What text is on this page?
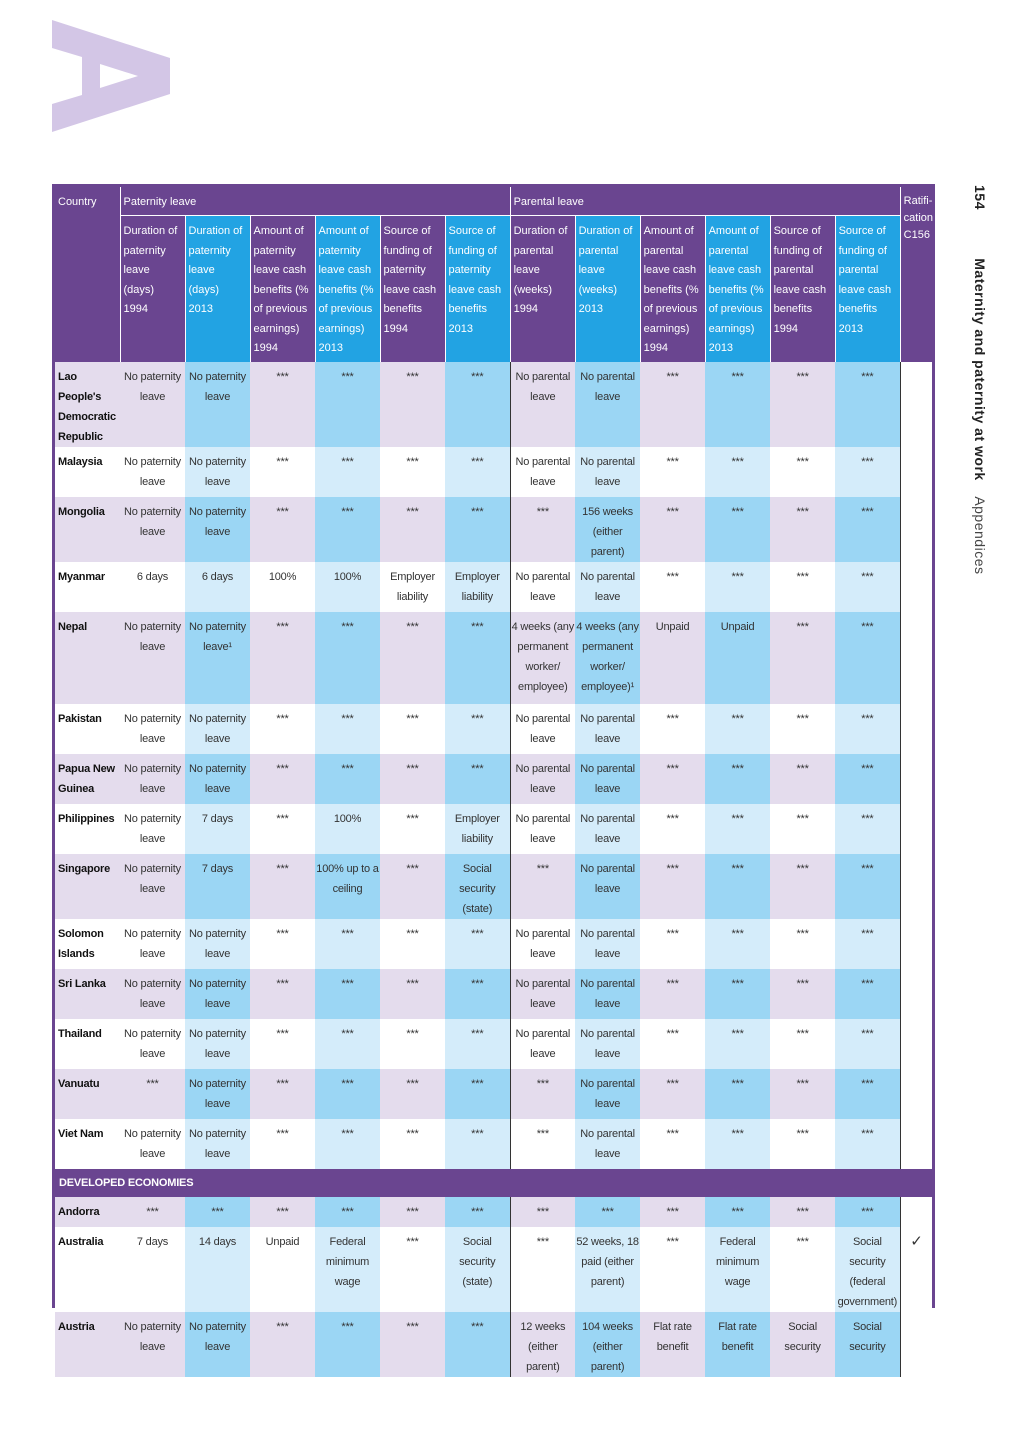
154 Maternity and paternity at work Appendices
Country	Paternity leave						Parental leave						Ratifi-cation C156
	Duration of paternity leave (days) 1994	Duration of paternity leave (days) 2013	Amount of paternity leave cash benefits (% of previous earnings) 1994	Amount of paternity leave cash benefits (% of previous earnings) 2013	Source of funding of paternity leave cash benefits 1994	Source of funding of paternity leave cash benefits 2013	Duration of parental leave (weeks) 1994	Duration of parental leave (weeks) 2013	Amount of parental leave cash benefits (% of previous earnings) 1994	Amount of parental leave cash benefits (% of previous earnings) 2013	Source of funding of parental leave cash benefits 1994	Source of funding of parental leave cash benefits 2013	
Lao People's Democratic Republic	No paternity leave	No paternity leave	***	***	***	***	No parental leave	No parental leave	***	***	***	***	
Malaysia	No paternity leave	No paternity leave	***	***	***	***	No parental leave	No parental leave	***	***	***	***	
Mongolia	No paternity leave	No paternity leave	***	***	***	***	***	156 weeks (either parent)	***	***	***	***	
Myanmar	6 days	6 days	100%	100%	Employer liability	Employer liability	No parental leave	No parental leave	***	***	***	***	
Nepal	No paternity leave	No paternity leave¹	***	***	***	***	4 weeks (any permanent worker/ employee)	4 weeks (any permanent worker/ employee)¹	Unpaid	Unpaid	***	***	
Pakistan	No paternity leave	No paternity leave	***	***	***	***	No parental leave	No parental leave	***	***	***	***	
Papua New Guinea	No paternity leave	No paternity leave	***	***	***	***	No parental leave	No parental leave	***	***	***	***	
Philippines	No paternity leave	7 days	***	100%	***	Employer liability	No parental leave	No parental leave	***	***	***	***	
Singapore	No paternity leave	7 days	***	100% up to a ceiling	***	Social security (state)	***	No parental leave	***	***	***	***	
Solomon Islands	No paternity leave	No paternity leave	***	***	***	***	No parental leave	No parental leave	***	***	***	***	
Sri Lanka	No paternity leave	No paternity leave	***	***	***	***	No parental leave	No parental leave	***	***	***	***	
Thailand	No paternity leave	No paternity leave	***	***	***	***	No parental leave	No parental leave	***	***	***	***	
Vanuatu	***	No paternity leave	***	***	***	***	***	No parental leave	***	***	***	***	
Viet Nam	No paternity leave	No paternity leave	***	***	***	***	***	No parental leave	***	***	***	***	
DEVELOPED ECONOMIES													
Andorra	***	***	***	***	***	***	***	***	***	***	***	***	
Australia	7 days	14 days	Unpaid	Federal minimum wage	***	Social security (state)	***	52 weeks, 18 paid (either parent)	***	Federal minimum wage	***	Social security (federal government)	✓
Austria	No paternity leave	No paternity leave	***	***	***	***	12 weeks (either parent)	104 weeks (either parent)	Flat rate benefit	Flat rate benefit	Social security	Social security	
